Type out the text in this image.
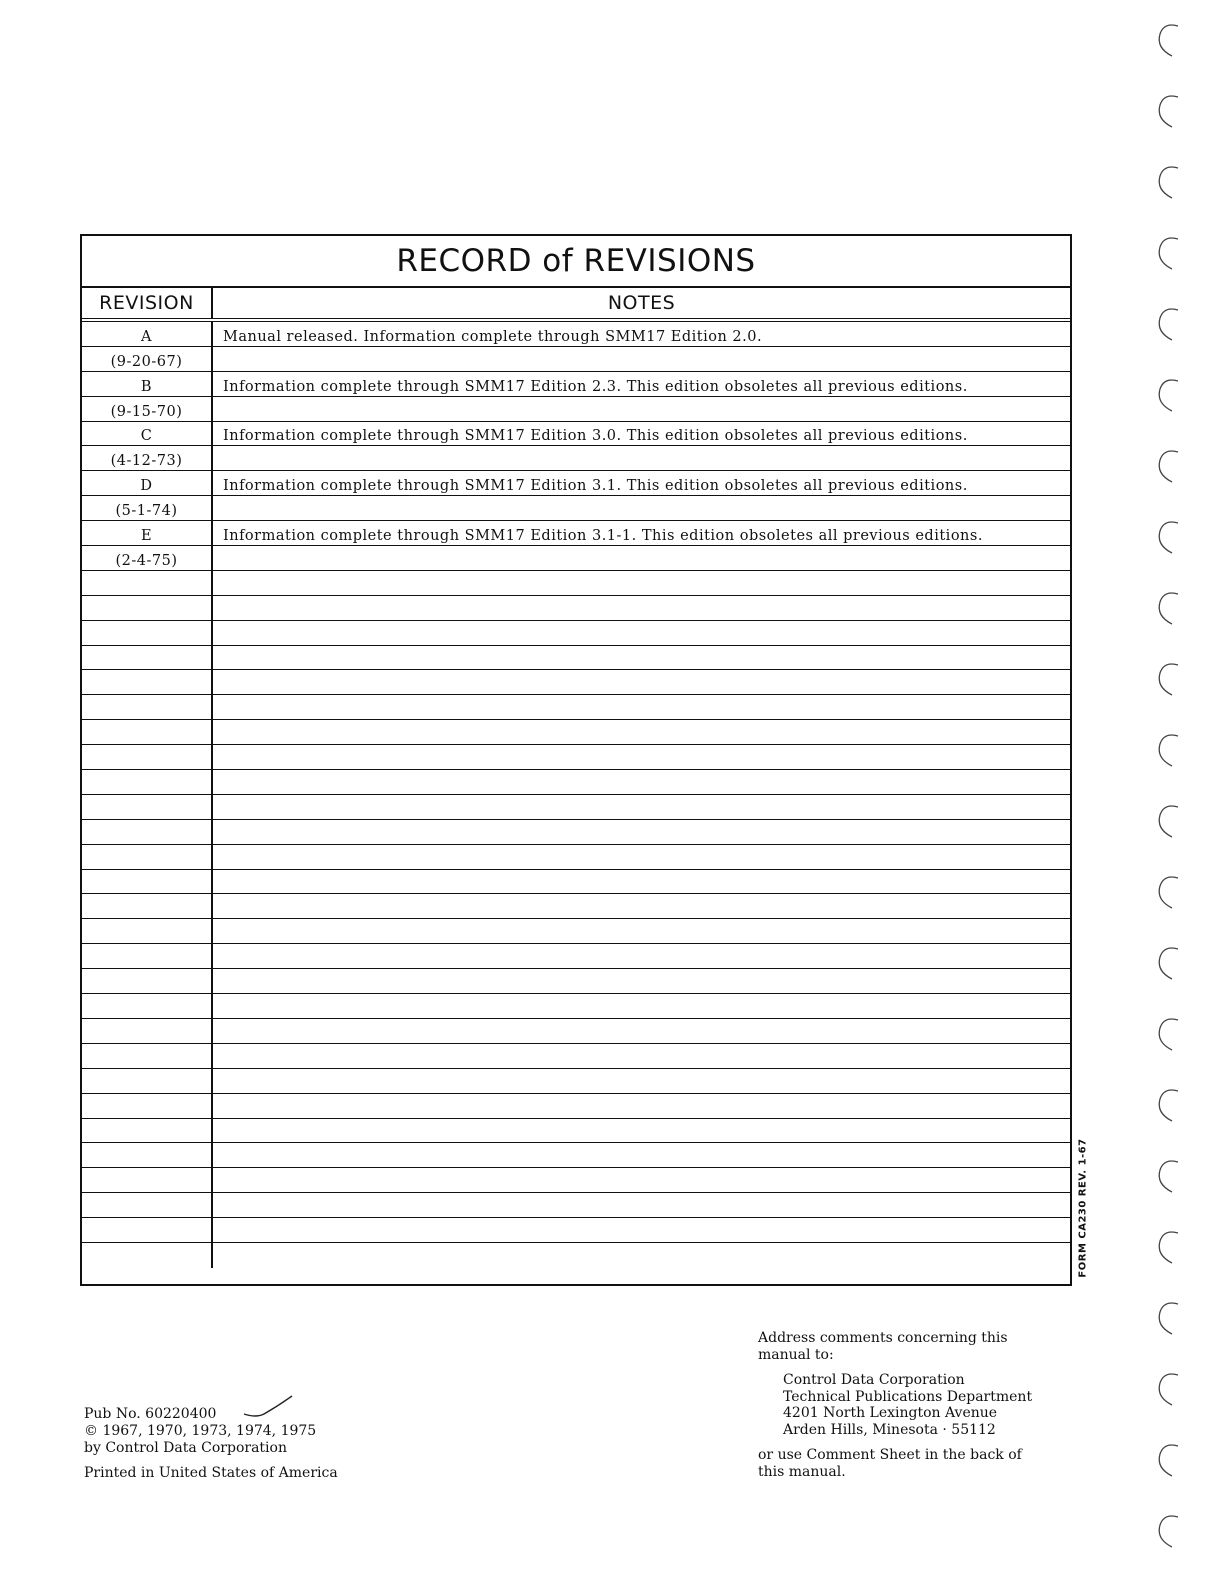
RECORD of REVISIONS
REVISION	NOTES
A	Manual released. Information complete through SMM17 Edition 2.0.
(9-20-67)
B	Information complete through SMM17 Edition 2.3. This edition obsoletes all previous editions.
(9-15-70)
C	Information complete through SMM17 Edition 3.0. This edition obsoletes all previous editions.
(4-12-73)
D	Information complete through SMM17 Edition 3.1. This edition obsoletes all previous editions.
(5-1-74)
E	Information complete through SMM17 Edition 3.1-1. This edition obsoletes all previous editions.
(2-4-75)
FORM CA230 REV. 1-67
Pub No. 60220400
© 1967, 1970, 1973, 1974, 1975
by Control Data Corporation
Printed in United States of America
Address comments concerning this
manual to:
Control Data Corporation
Technical Publications Department
4201 North Lexington Avenue
Arden Hills, Minesota · 55112
or use Comment Sheet in the back of
this manual.
